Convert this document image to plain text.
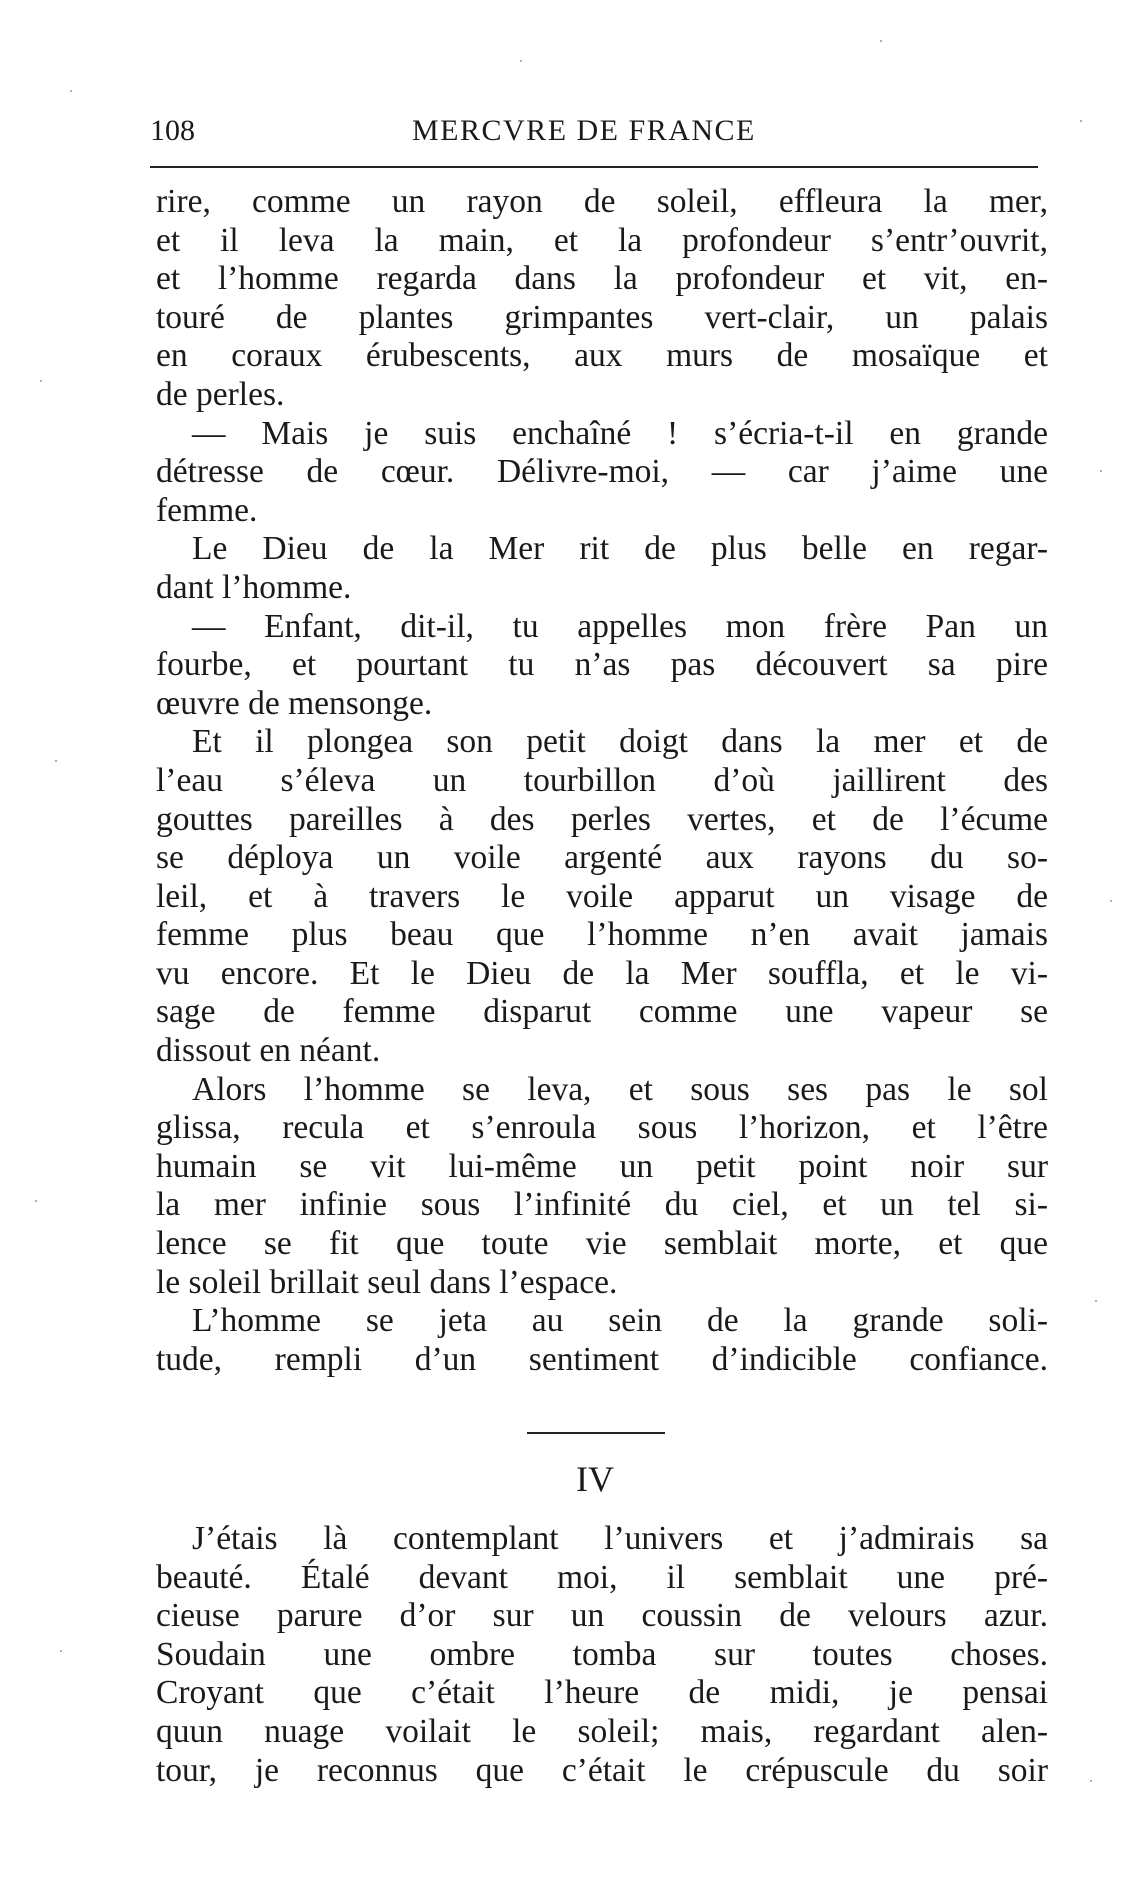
108	MERCVRE DE FRANCE
rire, comme un rayon de soleil, effleura la mer,
et il leva la main, et la profondeur s’entr’ouvrit,
et l’homme regarda dans la profondeur et vit, en-
touré de plantes grimpantes vert-clair, un palais
en coraux érubescents, aux murs de mosaïque et
de perles.
— Mais je suis enchaîné ! s’écria-t-il en grande
détresse de cœur. Délivre-moi, — car j’aime une
femme.
Le Dieu de la Mer rit de plus belle en regar-
dant l’homme.
— Enfant, dit-il, tu appelles mon frère Pan un
fourbe, et pourtant tu n’as pas découvert sa pire
œuvre de mensonge.
Et il plongea son petit doigt dans la mer et de
l’eau s’éleva un tourbillon d’où jaillirent des
gouttes pareilles à des perles vertes, et de l’écume
se déploya un voile argenté aux rayons du so-
leil, et à travers le voile apparut un visage de
femme plus beau que l’homme n’en avait jamais
vu encore. Et le Dieu de la Mer souffla, et le vi-
sage de femme disparut comme une vapeur se
dissout en néant.
Alors l’homme se leva, et sous ses pas le sol
glissa, recula et s’enroula sous l’horizon, et l’être
humain se vit lui-même un petit point noir sur
la mer infinie sous l’infinité du ciel, et un tel si-
lence se fit que toute vie semblait morte, et que
le soleil brillait seul dans l’espace.
L’homme se jeta au sein de la grande soli-
tude, rempli d’un sentiment d’indicible confiance.
IV
J’étais là contemplant l’univers et j’admirais sa
beauté. Étalé devant moi, il semblait une pré-
cieuse parure d’or sur un coussin de velours azur.
Soudain une ombre tomba sur toutes choses.
Croyant que c’était l’heure de midi, je pensai
quun nuage voilait le soleil; mais, regardant alen-
tour, je reconnus que c’était le crépuscule du soir
